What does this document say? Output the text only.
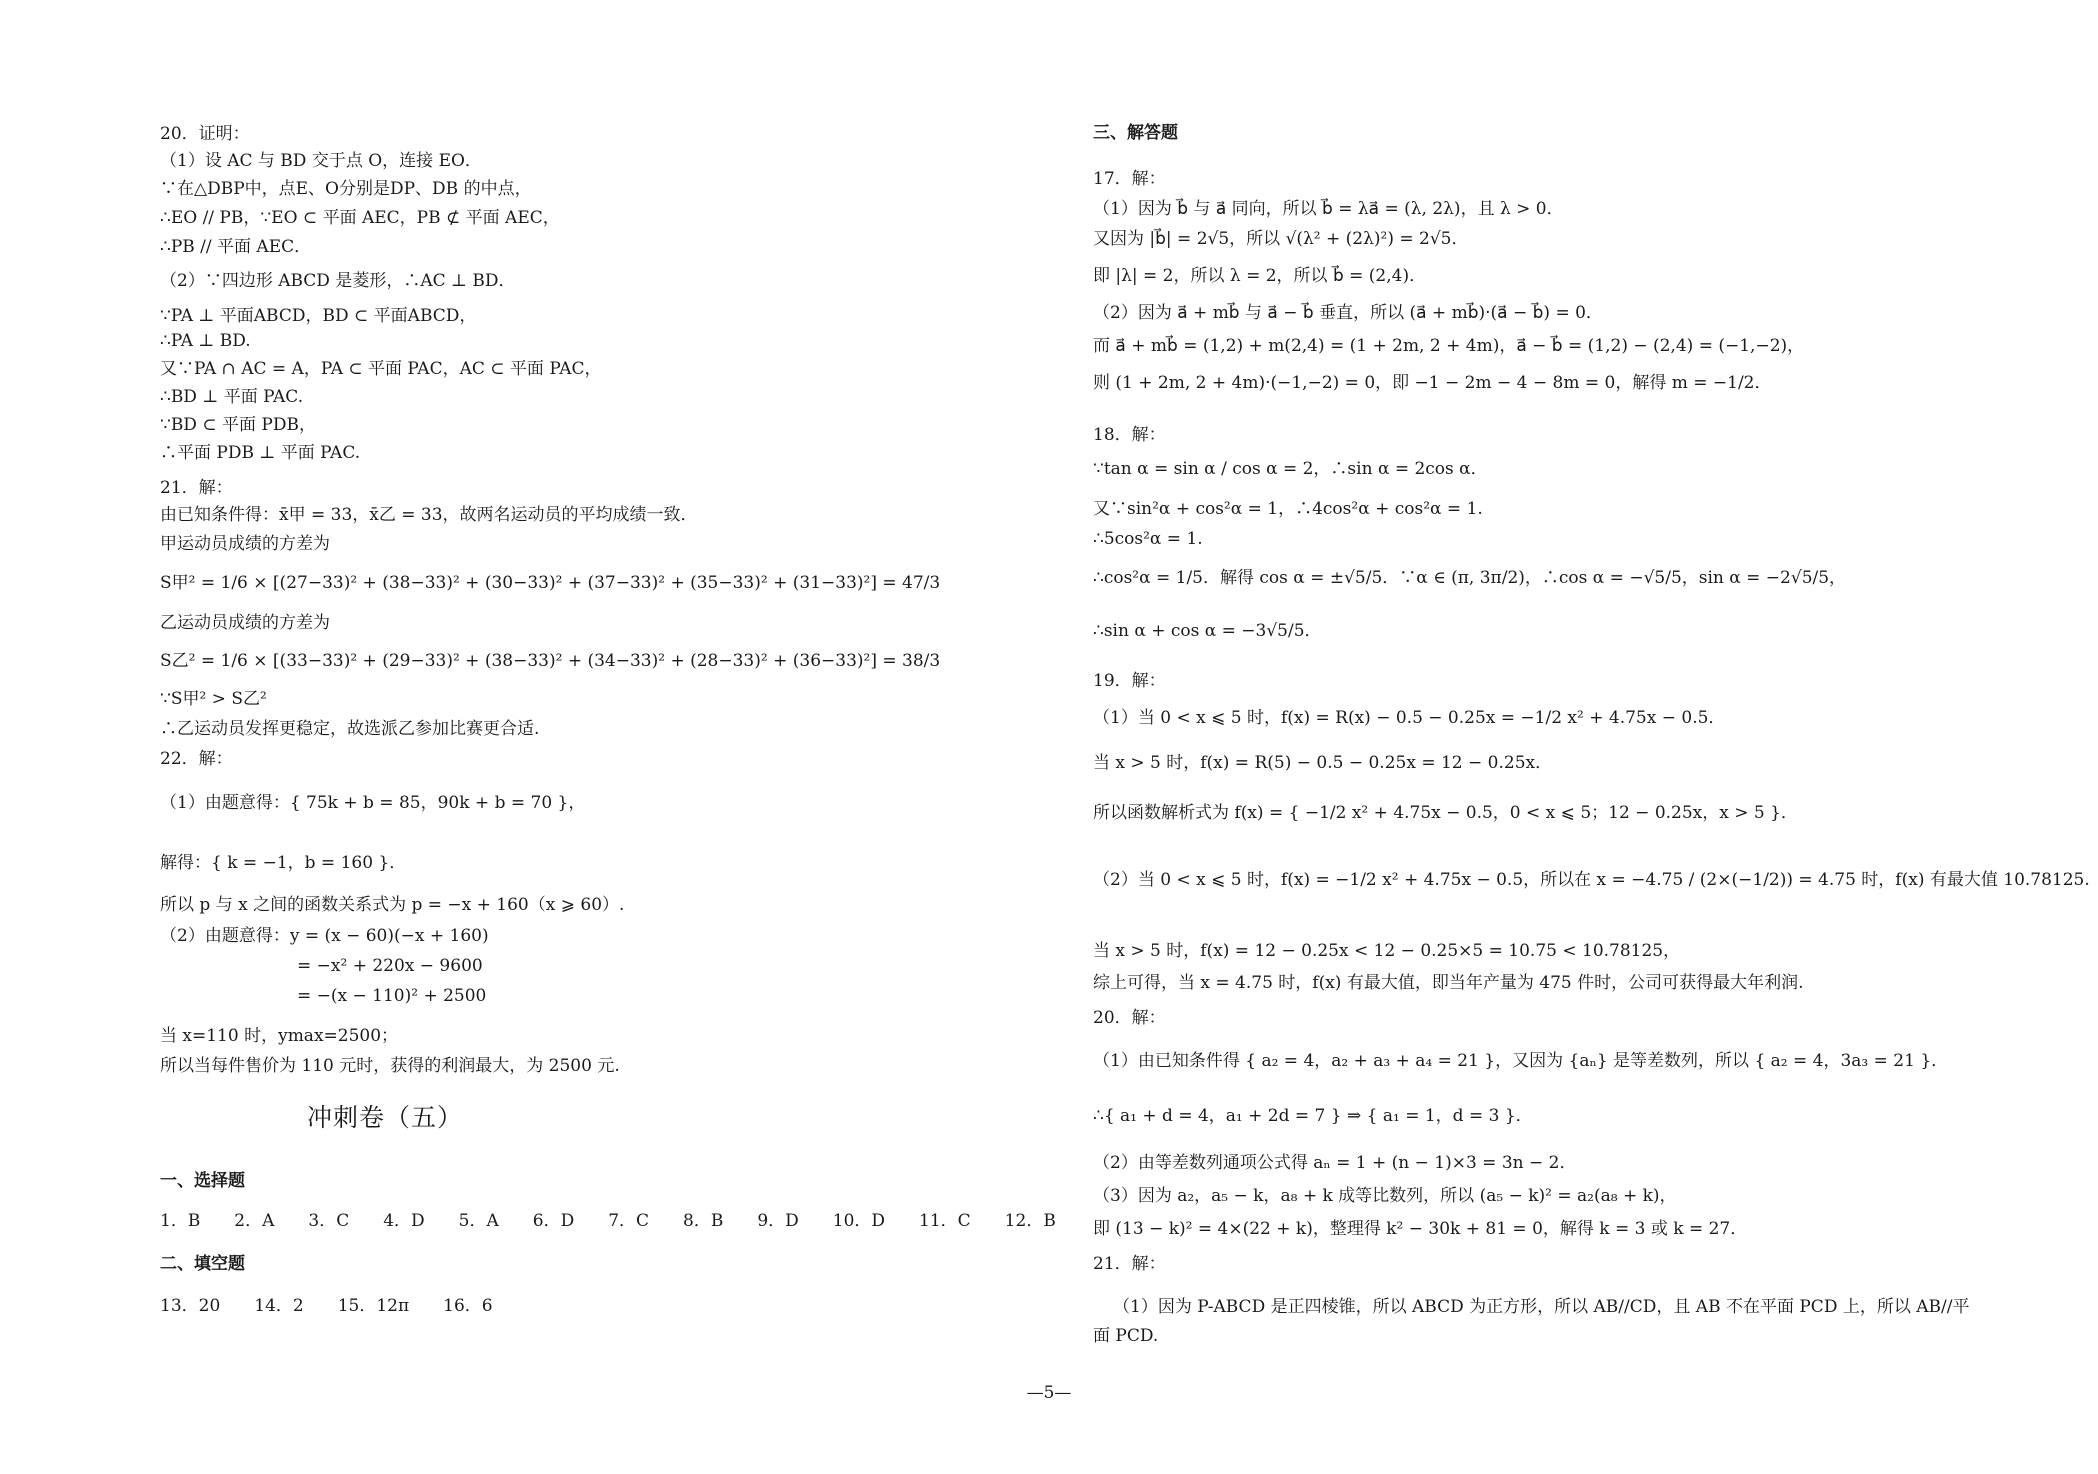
20．证明：
（1）设 AC 与 BD 交于点 O，连接 EO．
∵在△DBP中，点E、O分别是DP、DB 的中点，
∴EO // PB，∵EO ⊂ 平面 AEC，PB ⊄ 平面 AEC，
∴PB // 平面 AEC．
（2）∵四边形 ABCD 是菱形，∴AC ⊥ BD．
∵PA ⊥ 平面ABCD，BD ⊂ 平面ABCD，
∴PA ⊥ BD.
又∵PA ∩ AC = A，PA ⊂ 平面 PAC，AC ⊂ 平面 PAC，
∴BD ⊥ 平面 PAC.
∵BD ⊂ 平面 PDB，
∴平面 PDB ⊥ 平面 PAC.
21．解：
由已知条件得：x̄甲 = 33，x̄乙 = 33，故两名运动员的平均成绩一致．
甲运动员成绩的方差为
S甲² = 1/6 × [(27−33)² + (38−33)² + (30−33)² + (37−33)² + (35−33)² + (31−33)²] = 47/3
乙运动员成绩的方差为
S乙² = 1/6 × [(33−33)² + (29−33)² + (38−33)² + (34−33)² + (28−33)² + (36−33)²] = 38/3
∵S甲² > S乙²
∴乙运动员发挥更稳定，故选派乙参加比赛更合适.
22．解：
（1）由题意得：{ 75k + b = 85，90k + b = 70 }，
解得：{ k = −1，b = 160 }．
所以 p 与 x 之间的函数关系式为 p = −x + 160（x ⩾ 60）.
（2）由题意得：y = (x − 60)(−x + 160)
= −x² + 220x − 9600
= −(x − 110)² + 2500
当 x=110 时，ymax=2500；
所以当每件售价为 110 元时，获得的利润最大，为 2500 元.
冲刺卷（五）
一、选择题
1．B　　2．A　　3．C　　4．D　　5．A　　6．D　　7．C　　8．B　　9．D　　10．D　　11．C　　12．B
二、填空题
13．20　　14．2　　15．12π　　16．6
三、解答题
17．解：
（1）因为 b⃗ 与 a⃗ 同向，所以 b⃗ = λa⃗ = (λ, 2λ)，且 λ > 0．
又因为 |b⃗| = 2√5，所以 √(λ² + (2λ)²) = 2√5．
即 |λ| = 2，所以 λ = 2，所以 b⃗ = (2,4)．
（2）因为 a⃗ + mb⃗ 与 a⃗ − b⃗ 垂直，所以 (a⃗ + mb⃗)·(a⃗ − b⃗) = 0．
而 a⃗ + mb⃗ = (1,2) + m(2,4) = (1 + 2m, 2 + 4m)，a⃗ − b⃗ = (1,2) − (2,4) = (−1,−2)，
则 (1 + 2m, 2 + 4m)·(−1,−2) = 0，即 −1 − 2m − 4 − 8m = 0，解得 m = −1/2．
18．解：
∵tan α = sin α / cos α = 2，∴sin α = 2cos α．
又∵sin²α + cos²α = 1，∴4cos²α + cos²α = 1.
∴5cos²α = 1.
∴cos²α = 1/5．解得 cos α = ±√5/5．∵α ∈ (π, 3π/2)，∴cos α = −√5/5，sin α = −2√5/5，
∴sin α + cos α = −3√5/5．
19．解：
（1）当 0 < x ⩽ 5 时，f(x) = R(x) − 0.5 − 0.25x = −1/2 x² + 4.75x − 0.5．
当 x > 5 时，f(x) = R(5) − 0.5 − 0.25x = 12 − 0.25x．
所以函数解析式为 f(x) = { −1/2 x² + 4.75x − 0.5，0 < x ⩽ 5；12 − 0.25x，x > 5 }．
（2）当 0 < x ⩽ 5 时，f(x) = −1/2 x² + 4.75x − 0.5，所以在 x = −4.75 / (2×(−1/2)) = 4.75 时，f(x) 有最大值 10.78125.
当 x > 5 时，f(x) = 12 − 0.25x < 12 − 0.25×5 = 10.75 < 10.78125，
综上可得，当 x = 4.75 时，f(x) 有最大值，即当年产量为 475 件时，公司可获得最大年利润.
20．解：
（1）由已知条件得 { a₂ = 4，a₂ + a₃ + a₄ = 21 }，又因为 {aₙ} 是等差数列，所以 { a₂ = 4，3a₃ = 21 }．
∴{ a₁ + d = 4，a₁ + 2d = 7 } ⇒ { a₁ = 1，d = 3 }．
（2）由等差数列通项公式得 aₙ = 1 + (n − 1)×3 = 3n − 2．
（3）因为 a₂，a₅ − k，a₈ + k 成等比数列，所以 (a₅ − k)² = a₂(a₈ + k)，
即 (13 − k)² = 4×(22 + k)，整理得 k² − 30k + 81 = 0，解得 k = 3 或 k = 27．
21．解：
（1）因为 P-ABCD 是正四棱锥，所以 ABCD 为正方形，所以 AB//CD，且 AB 不在平面 PCD 上，所以 AB//平
面 PCD.
—5—
